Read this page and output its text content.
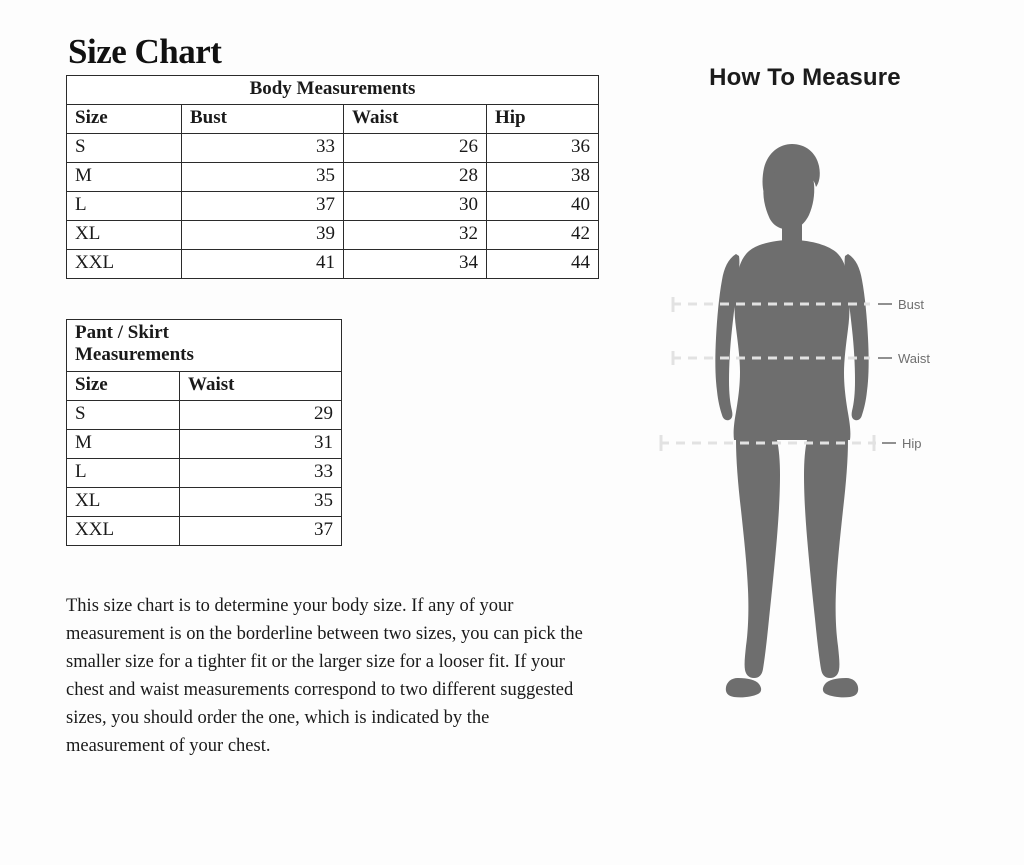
Size Chart
Body Measurements			
Size	Bust	Waist	Hip
S	33	26	36
M	35	28	38
L	37	30	40
XL	39	32	42
XXL	41	34	44
Pant / Skirt
Measurements	
Size	Waist
S	29
M	31
L	33
XL	35
XXL	37

This size chart is to determine your body size. If any of your measurement is on the borderline between two sizes, you can pick the smaller size for a tighter fit or the larger size for a looser fit. If your chest and waist measurements correspond to two different suggested sizes, you should order the one, which is indicated by the measurement of your chest.

How To Measure
Bust
Waist
Hip
